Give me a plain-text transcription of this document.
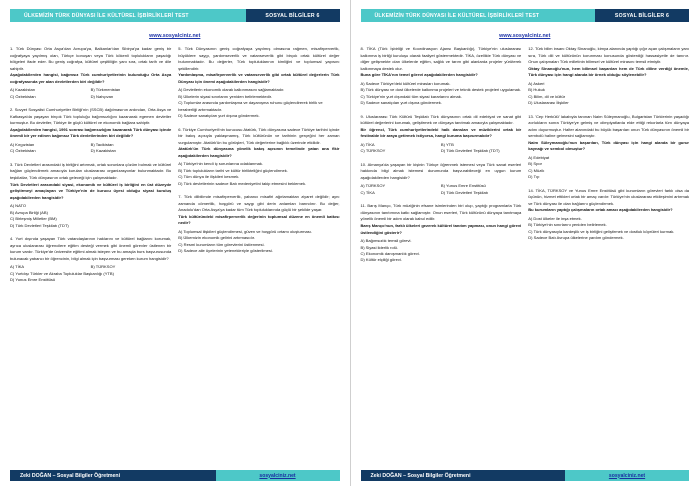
ÜLKEMİZİN TÜRK DÜNYASI İLE KÜLTÜREL İŞBİRLİKLERİ TEST	SOSYAL BİLGİLER 6
www.sosyalciniz.net
1. Türk Dünyası Orta Asya'dan Avrupa'ya, Balkanlar'dan Sibirya'ya kadar geniş bir coğrafyaya yayılmış olan, Türkçe konuşan veya Türk kökenli toplulukların yaşadığı bölgeleri ifade eder. Bu geniş coğrafya, kültürel çeşitliliğin yanı sıra, ortak tarih ve dile sahiptir.
Aşağıdakilerden hangisi, bağımsız Türk cumhuriyetlerinin bulunduğu Orta Asya coğrafyasında yer alan devletlerden biri değildir?
A) Kazakistan	B) Türkmenistan
C) Özbekistan	D) Nahçıvan
2. Sovyet Sosyalist Cumhuriyetler Birliği'nin (SSCB) dağılmasının ardından, Orta Asya ve Kafkasya'da yaşayan birçok Türk topluluğu bağımsızlığını kazanarak egemen devletler kurmuştur. Bu devletler, Türkiye ile güçlü kültürel ve ekonomik bağlara sahiptir.
Aşağıdakilerden hangisi, 1991 sonrası bağımsızlığını kazanarak Türk dünyası içinde önemli bir yer edinen bağımsız Türk devletlerinden biri değildir?
A) Kırgızistan	B) Tacikistan
C) Özbekistan	D) Kazakistan
3. Türk Devletleri arasındaki iş birliğini artırmak, ortak sorunlara çözüm bulmak ve kültürel bağları güçlendirmek amacıyla kurulan uluslararası organizasyonlar bulunmaktadır. Bu teşkilatlar, Türk dünyasının ortak geleceği için çalışmaktadır.
Türk Devletleri arasındaki siyasi, ekonomik ve kültürel iş birliğini en üst düzeyde geliştirmeyi amaçlayan ve Türkiye'nin de kurucu üyesi olduğu siyasi kuruluş aşağıdakilerden hangisidir?
A) NATO
B) Avrupa Birliği (AB)
C) Birleşmiş Milletler (BM)
D) Türk Devletleri Teşkilatı (TDT)
4. Yurt dışında yaşayan Türk vatandaşlarının haklarını ve kültürel bağlarını korumak, ayrıca uluslararası öğrencilere eğitim desteği vermek gibi önemli görevler üstlenen bir kurum vardır. Türkiye'de üniversite eğitimi almak isteyen ve bu amaçla burs başvurusunda bulunacak yabancı bir öğrencinin, bilgi almak için başvurması gereken kurum hangisidir?
A) TİKA	B) TÜRKSOY
C) Yurtdışı Türkler ve Akraba Topluluklar Başkanlığı (YTB)
D) Yunus Emre Enstitüsü
5. Türk Dünyasının geniş coğrafyaya yayılmış olmasına rağmen, misafirperverlik, büyüklere saygı, yardımseverlik ve vatanseverlik gibi birçok ortak kültürel değer bulunmaktadır. Bu değerler, Türk topluluklarının kimliğini ve toplumsal yapısını şekillendirir.
Yardımlaşma, misafirperverlik ve vatanseverlik gibi ortak kültürel değerlerin Türk Dünyası için önemi aşağıdakilerden hangisidir?
A) Devletlerin ekonomik olarak kalkınmasını sağlamaktadır.
B) Ülkelerin siyasi sınırlarını yeniden belirlemektedir.
C) Toplumlar arasında yardımlaşma ve dayanışma ruhunu güçlendirerek birlik ve beraberliği artırmaktadır.
D) Sadece sanatçıları yurt dışına göndermek.
6. Türkiye Cumhuriyeti'nin kurucusu Atatürk, Türk dünyasına sadece Türkiye tarihini içinde bir bakış açısıyla yaklaşmamış, Türk kültürünün ve tarihinin gerçeğini her zaman vurgulamıştır. Atatürk'ün bu görüşleri, Türk değerlerine bağlılık üzerinde etkilidir.
Atatürk'ün Türk dünyasına yönelik bakış açısının temelinde yatan ana fikir aşağıdakilerden hangisidir?
A) Türkiye'nin kendi iç sorunlarına odaklanmak.
B) Türk toplulukların tarihi ve kültür birlikteliğini güçlendirmek.
C) Tüm dünya ile ilişkileri kesmek.
D) Türk devletlerinin sadece Batı medeniyetini takip etmesini beklemek.
7. Türk dilbilimde misafirperverlik, yabancı misafiri ağırlamaktan ziyaret değildir; aynı zamanda cömertlik, hoşgörü ve saygı gibi derin anlamları barındırır. Bu değer, Anadolu'dan Orta Asya'ya kadar tüm Türk topluluklarında güçlü bir şekilde yaşar.
Türk kültüründeki misafirperverlik değerinin toplumsal düzene en önemli katkısı nedir?
A) Toplumsal ilişkileri güçlendirmesi, güven ve hoşgörü ortamı oluşturması.
B) Ülkemizin ekonomik gelirini artırmasıdır.
C) Resmi kurumların tüm görevlerini üstlenmesi.
D) Sadece aile üyelerinin yetenekleriyle gösterilmesi.
Zeki DOĞAN – Sosyal Bilgiler Öğretmeni	sosyalciniz.net
ÜLKEMİZİN TÜRK DÜNYASI İLE KÜLTÜREL İŞBİRLİKLERİ TEST	SOSYAL BİLGİLER 6
www.sosyalciniz.net
8. TİKA (Türk İşbirliği ve Koordinasyon Ajansı Başkanlığı), Türkiye'nin uluslararası kalkınma iş birliği kuruluşu olarak faaliyet göstermektedir. TİKA, özellikle Türk dünyası ve diğer gelişmekte olan ülkelerde eğitim, sağlık ve tarım gibi alanlarda projeler yürüterek kalkınmaya destek olur.
Buna göre TİKA'nın temel görevi aşağıdakilerden hangisidir?
A) Sadece Türkiye'deki kültürel mirasları korumak.
B) Türk dünyası ve dost ülkelerde kalkınma projeleri ve teknik destek projeleri uygulamak.
C) Türkiye'nin yurt dışındaki tüm siyasi kararlarını almak.
D) Sadece sanatçıları yurt dışına göndermek.
9. Uluslararası Türk Kültürü Teşkilatı Türk dünyasının ortak dil edebiyat ve sanat gibi kültürel değerlerini korumak, geliştirmek ve dünyaya tanıtmak amacıyla çalışmaktadır.
Bir öğrenci, Türk cumhuriyetlerindeki halk dansları ve müziklerini ortak bir festivalde bir araya getirmek istiyorsa, hangi kuruma başvurmalıdır?
A) TİKA	B) YTB
C) TÜRKSOY	D) Türk Devletleri Teşkilatı (TDT)
10. Almanya'da yaşayan bir kişinin Türkçe öğrenmek istemesi veya Türk sanat eserleri hakkında bilgi almak istemesi durumunda başvurabileceği en uygun kurum aşağıdakilerden hangisidir?
A) TÜRKSOY	B) Yunus Emre Enstitüsü
C) TİKA	D) Türk Devletleri Teşkilatı
11. Barış Manço, Türk müziğinin efsane isimlerinden biri olup, yaptığı programlarla Türk dünyasının tanıtımına katkı sağlamıştır. Onun eserleri, Türk kültürünü dünyaya tanıtmaya yönelik önemli bir adım olarak kabul edilir.
Barış Manço'nun, farklı ülkeleri gezerek kültürel tanıtım yapması, onun hangi görevi üstlendiğini gösterir?
A) Bağımsızlık temsil görevi.
B) Siyasi liderlik rolü.
C) Ekonomik danışmanlık görevi.
D) Kültür elçiliği görevi.
12. Türk bilim insanı Oktay Sinanoğlu, kimya alanında yaptığı çığır açan çalışmaların yanı sıra, Türk dili ve kültürünün korunması konusunda gösterdiği hassasiyetle de tanınır. Onun çalışmaları Türk milletinin bilimsel ve kültürel mirasını temsil etmiştir.
Oktay Sinanoğlu'nun, hem bilimsel başarıları hem de Türk diline verdiği önemle, Türk dünyası için hangi alanda bir örnek olduğu söylenebilir?
A) Askeri
B) Hukuk
C) Bilim, dil ve kültür
D) Uluslararası İlişkiler
13. 'Cep Herkülü' lakabıyla tanınan Naim Süleymanoğlu, Bulgaristan Türklerinin yaşadığı zorlukların sonra Türkiye'ye gelmiş ve olimpiyatlarda elde ettiği rekorlarla tüm dünyaya adını duyurmuştur. Halter alanındaki bu büyük başarıları onun Türk dünyasının önemli bir sembolü haline gelmesini sağlamıştır.
Naim Süleymanoğlu'nun başarıları, Türk dünyası için hangi alanda bir gurur kaynağı ve sembol olmuştur?
A) Edebiyat
B) Spor
C) Müzik
D) Tıp
14. TİKA, TÜRKSOY ve Yunus Emre Enstitüsü gibi kurumların görevleri farklı olsa da üçünün, hizmet ettikleri ortak bir amaç vardır: Türkiye'nin uluslararası etkileşimini artırmak ve Türk dünyası ile olan bağlarını güçlendirmek.
Bu kurumların yaptığı çalışmaların ortak amacı aşağıdakilerden hangisidir?
A) Dost ülkeler ile inşa etmek.
B) Türkiye'nin sınırlarını yeniden belirlemek.
C) Türk dünyasıyla kardeşlik ve iş birliğini geliştirmek ve dostluk köprüleri kurmak.
D) Sadece Batı Avrupa ülkelerine yardım göndermek.
Zeki DOĞAN – Sosyal Bilgiler Öğretmeni	sosyalciniz.net
